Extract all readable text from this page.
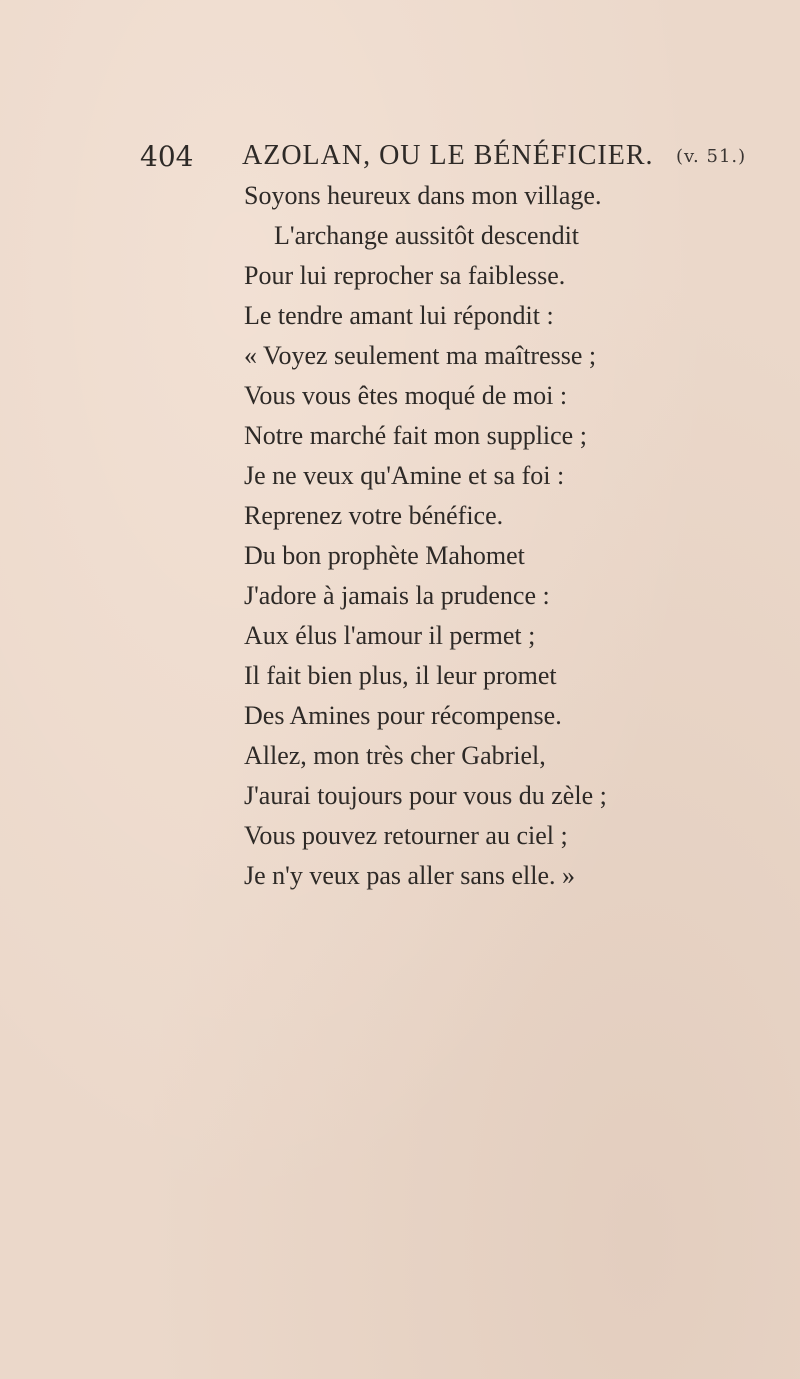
404 AZOLAN, OU LE BÉNÉFICIER. (v. 51.)
Soyons heureux dans mon village.
L'archange aussitôt descendit
Pour lui reprocher sa faiblesse.
Le tendre amant lui répondit :
« Voyez seulement ma maîtresse ;
Vous vous êtes moqué de moi :
Notre marché fait mon supplice ;
Je ne veux qu'Amine et sa foi :
Reprenez votre bénéfice.
Du bon prophète Mahomet
J'adore à jamais la prudence :
Aux élus l'amour il permet ;
Il fait bien plus, il leur promet
Des Amines pour récompense.
Allez, mon très cher Gabriel,
J'aurai toujours pour vous du zèle ;
Vous pouvez retourner au ciel ;
Je n'y veux pas aller sans elle. »
